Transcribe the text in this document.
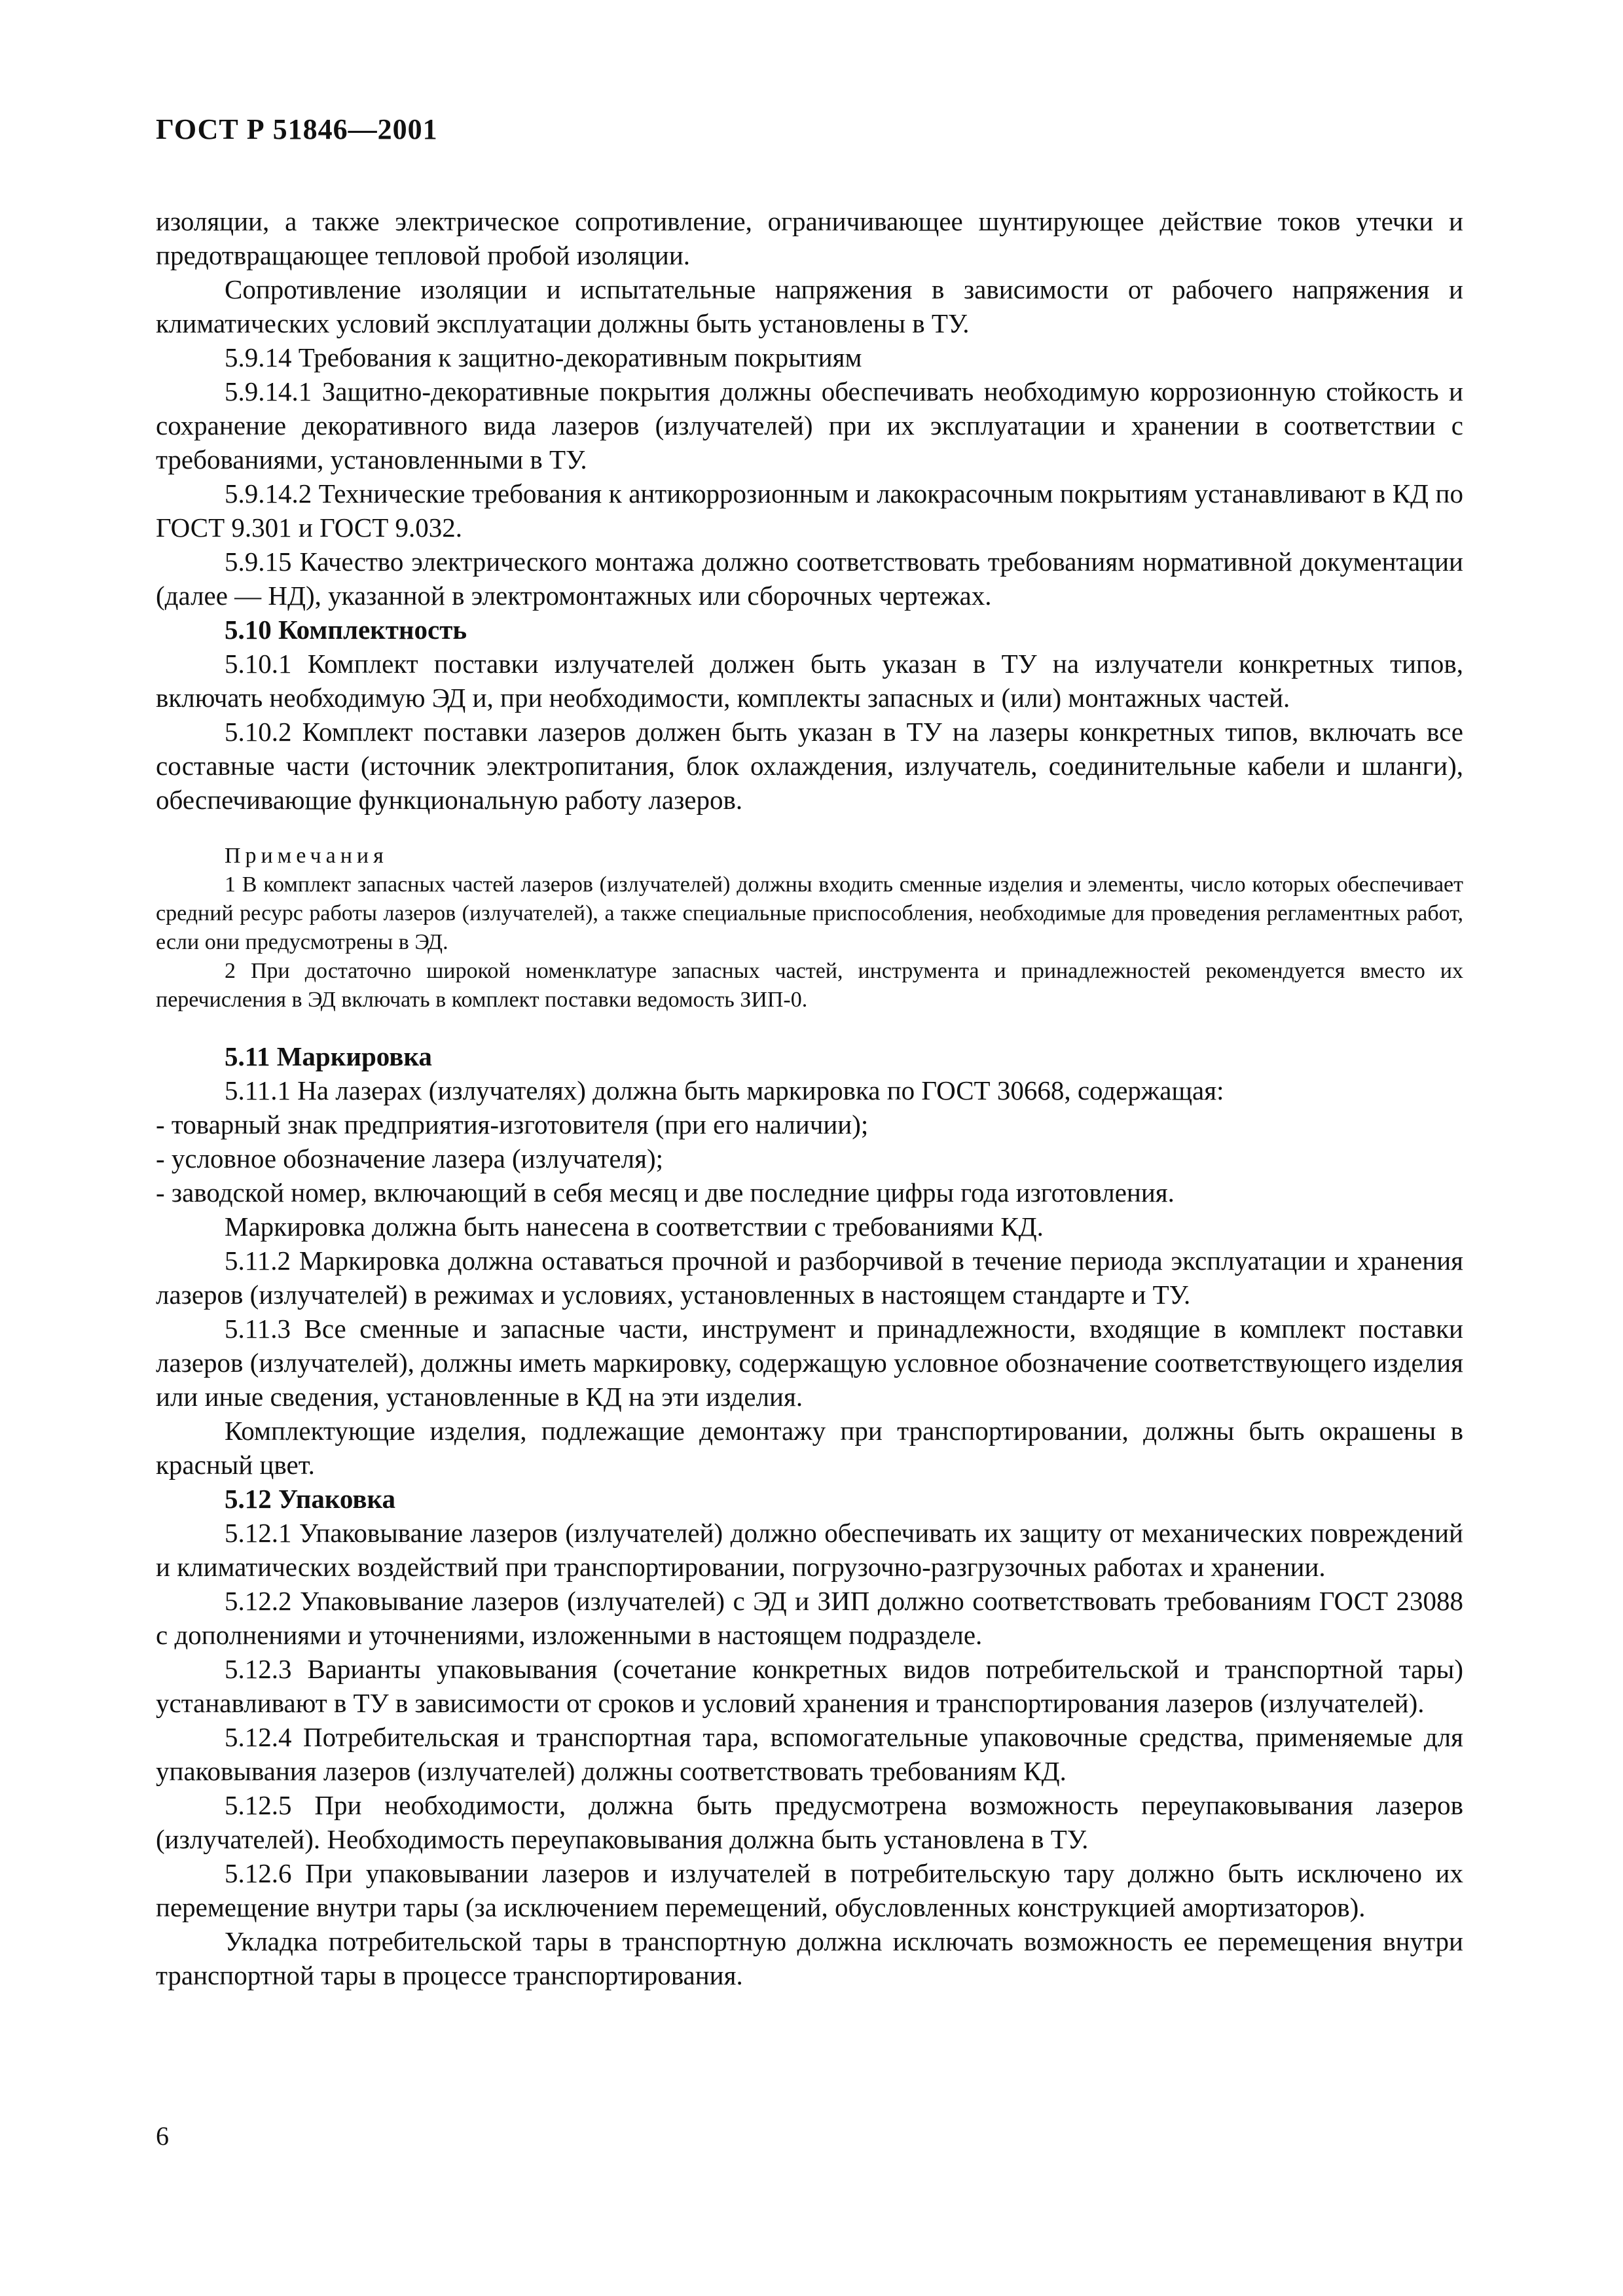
ГОСТ Р 51846—2001

изоляции, а также электрическое сопротивление, ограничивающее шунтирующее действие токов утечки и предотвращающее тепловой пробой изоляции.

Сопротивление изоляции и испытательные напряжения в зависимости от рабочего напряжения и климатических условий эксплуатации должны быть установлены в ТУ.

5.9.14 Требования к защитно-декоративным покрытиям

5.9.14.1 Защитно-декоративные покрытия должны обеспечивать необходимую коррозионную стойкость и сохранение декоративного вида лазеров (излучателей) при их эксплуатации и хранении в соответствии с требованиями, установленными в ТУ.

5.9.14.2 Технические требования к антикоррозионным и лакокрасочным покрытиям устанавливают в КД по ГОСТ 9.301 и ГОСТ 9.032.

5.9.15 Качество электрического монтажа должно соответствовать требованиям нормативной документации (далее — НД), указанной в электромонтажных или сборочных чертежах.

5.10 Комплектность

5.10.1 Комплект поставки излучателей должен быть указан в ТУ на излучатели конкретных типов, включать необходимую ЭД и, при необходимости, комплекты запасных и (или) монтажных частей.

5.10.2 Комплект поставки лазеров должен быть указан в ТУ на лазеры конкретных типов, включать все составные части (источник электропитания, блок охлаждения, излучатель, соединительные кабели и шланги), обеспечивающие функциональную работу лазеров.

Примечания

1 В комплект запасных частей лазеров (излучателей) должны входить сменные изделия и элементы, число которых обеспечивает средний ресурс работы лазеров (излучателей), а также специальные приспособления, необходимые для проведения регламентных работ, если они предусмотрены в ЭД.

2 При достаточно широкой номенклатуре запасных частей, инструмента и принадлежностей рекомендуется вместо их перечисления в ЭД включать в комплект поставки ведомость ЗИП-0.

5.11 Маркировка

5.11.1 На лазерах (излучателях) должна быть маркировка по ГОСТ 30668, содержащая:

- товарный знак предприятия-изготовителя (при его наличии);

- условное обозначение лазера (излучателя);

- заводской номер, включающий в себя месяц и две последние цифры года изготовления.

Маркировка должна быть нанесена в соответствии с требованиями КД.

5.11.2 Маркировка должна оставаться прочной и разборчивой в течение периода эксплуатации и хранения лазеров (излучателей) в режимах и условиях, установленных в настоящем стандарте и ТУ.

5.11.3 Все сменные и запасные части, инструмент и принадлежности, входящие в комплект поставки лазеров (излучателей), должны иметь маркировку, содержащую условное обозначение соответствующего изделия или иные сведения, установленные в КД на эти изделия.

Комплектующие изделия, подлежащие демонтажу при транспортировании, должны быть окрашены в красный цвет.

5.12 Упаковка

5.12.1 Упаковывание лазеров (излучателей) должно обеспечивать их защиту от механических повреждений и климатических воздействий при транспортировании, погрузочно-разгрузочных работах и хранении.

5.12.2 Упаковывание лазеров (излучателей) с ЭД и ЗИП должно соответствовать требованиям ГОСТ 23088 с дополнениями и уточнениями, изложенными в настоящем подразделе.

5.12.3 Варианты упаковывания (сочетание конкретных видов потребительской и транспортной тары) устанавливают в ТУ в зависимости от сроков и условий хранения и транспортирования лазеров (излучателей).

5.12.4 Потребительская и транспортная тара, вспомогательные упаковочные средства, применяемые для упаковывания лазеров (излучателей) должны соответствовать требованиям КД.

5.12.5 При необходимости, должна быть предусмотрена возможность переупаковывания лазеров (излучателей). Необходимость переупаковывания должна быть установлена в ТУ.

5.12.6 При упаковывании лазеров и излучателей в потребительскую тару должно быть исключено их перемещение внутри тары (за исключением перемещений, обусловленных конструкцией амортизаторов).

Укладка потребительской тары в транспортную должна исключать возможность ее перемещения внутри транспортной тары в процессе транспортирования.

6
